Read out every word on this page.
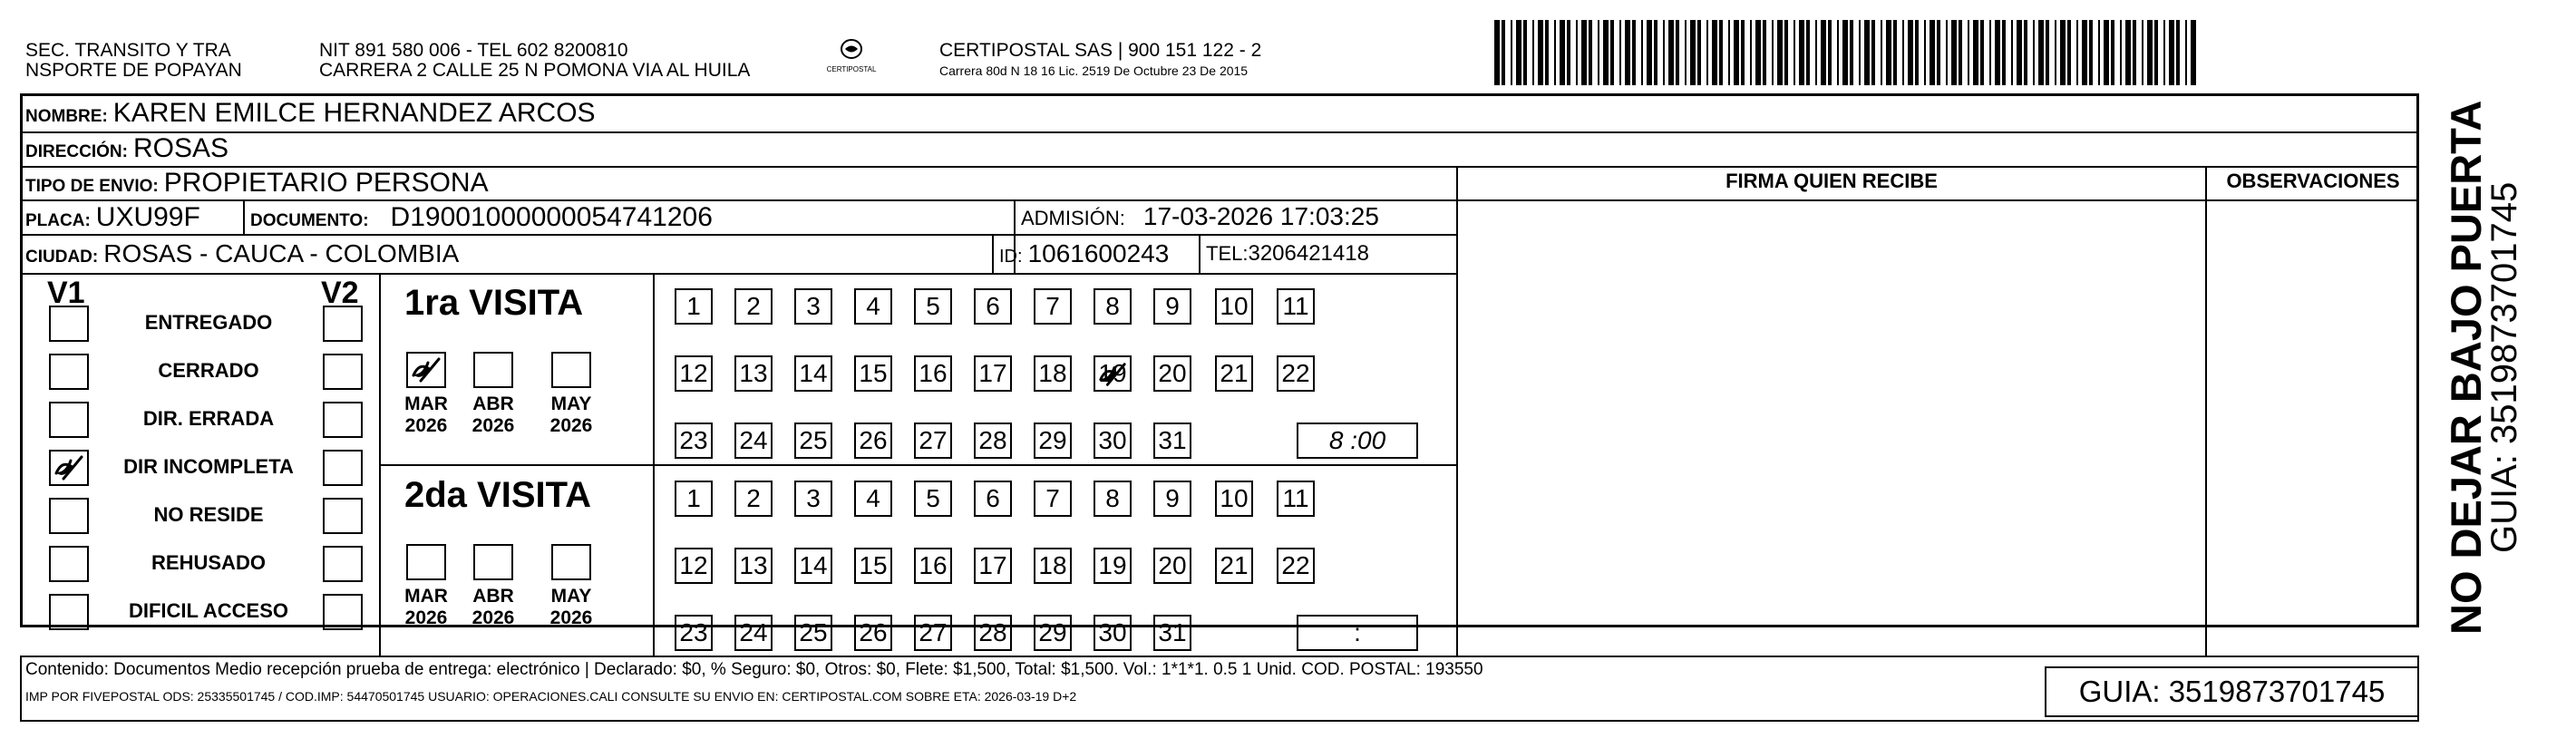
SEC. TRANSITO Y TRA
NSPORTE DE POPAYAN
NIT 891 580 006 - TEL 602 8200810
CARRERA 2 CALLE 25 N POMONA VIA AL HUILA	CERTIPOSTAL
CERTIPOSTAL SAS | 900 151 122 - 2
Carrera 80d N 18 16 Lic. 2519 De Octubre 23 De 2015
NOMBRE: KAREN EMILCE HERNANDEZ ARCOS
DIRECCIÓN: ROSAS
TIPO DE ENVIO: PROPIETARIO PERSONA
PLACA: UXU99F	DOCUMENTO: D19001000000054741206	ADMISIÓN: 17-03-2026 17:03:25
CIUDAD: ROSAS - CAUCA - COLOMBIA	ID: 1061600243 TEL: 3206421418
FIRMA QUIEN RECIBE	OBSERVACIONES
V1	V2
ENTREGADO
CERRADO
DIR. ERRADA
DIR INCOMPLETA
NO RESIDE
REHUSADO
DIFICIL ACCESO
1ra VISITA
MAR
2026
ABR
2026
MAY
2026
1 2 3 4 5 6 7 8 9 10 11
12 13 14 15 16 17 18 19 20 21 22
23 24 25 26 27 28 29 30 31	8 :00
2da VISITA
MAR
2026
ABR
2026
MAY
2026
1 2 3 4 5 6 7 8 9 10 11
12 13 14 15 16 17 18 19 20 21 22
23 24 25 26 27 28 29 30 31	:
Contenido: Documentos Medio recepción prueba de entrega: electrónico | Declarado: $0, % Seguro: $0, Otros: $0, Flete: $1,500, Total: $1,500. Vol.: 1*1*1. 0.5 1 Unid. COD. POSTAL: 193550
IMP POR FIVEPOSTAL ODS: 25335501745 / COD.IMP: 54470501745 USUARIO: OPERACIONES.CALI CONSULTE SU ENVIO EN: CERTIPOSTAL.COM SOBRE ETA: 2026-03-19 D+2	GUIA: 3519873701745
NO DEJAR BAJO PUERTA
GUIA: 3519873701745
